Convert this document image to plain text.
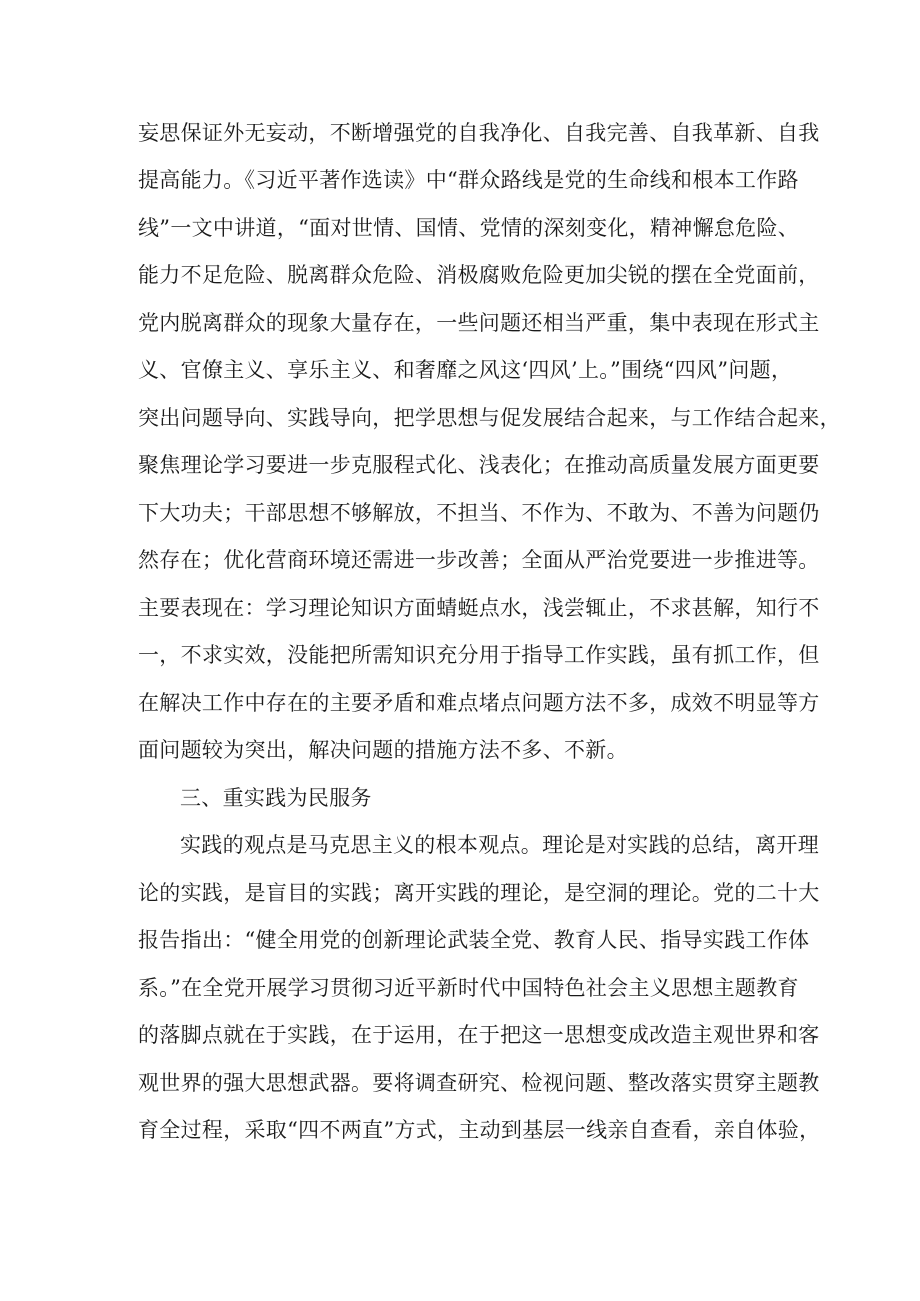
妄思保证外无妄动，不断增强党的自我净化、自我完善、自我革新、自我
提高能力。《习近平著作选读》中“群众路线是党的生命线和根本工作路
线”一文中讲道，“面对世情、国情、党情的深刻变化，精神懈怠危险、
能力不足危险、脱离群众危险、消极腐败危险更加尖锐的摆在全党面前，
党内脱离群众的现象大量存在，一些问题还相当严重，集中表现在形式主
义、官僚主义、享乐主义、和奢靡之风这‘四风’上。”围绕“四风”问题，
突出问题导向、实践导向，把学思想与促发展结合起来，与工作结合起来，
聚焦理论学习要进一步克服程式化、浅表化；在推动高质量发展方面更要
下大功夫；干部思想不够解放，不担当、不作为、不敢为、不善为问题仍
然存在；优化营商环境还需进一步改善；全面从严治党要进一步推进等。
主要表现在：学习理论知识方面蜻蜓点水，浅尝辄止，不求甚解，知行不
一，不求实效，没能把所需知识充分用于指导工作实践，虽有抓工作，但
在解决工作中存在的主要矛盾和难点堵点问题方法不多，成效不明显等方
面问题较为突出，解决问题的措施方法不多、不新。
三、重实践为民服务
实践的观点是马克思主义的根本观点。理论是对实践的总结，离开理
论的实践，是盲目的实践；离开实践的理论，是空洞的理论。党的二十大
报告指出：“健全用党的创新理论武装全党、教育人民、指导实践工作体
系。”在全党开展学习贯彻习近平新时代中国特色社会主义思想主题教育
的落脚点就在于实践，在于运用，在于把这一思想变成改造主观世界和客
观世界的强大思想武器。要将调查研究、检视问题、整改落实贯穿主题教
育全过程，采取“四不两直”方式，主动到基层一线亲自查看，亲自体验，
